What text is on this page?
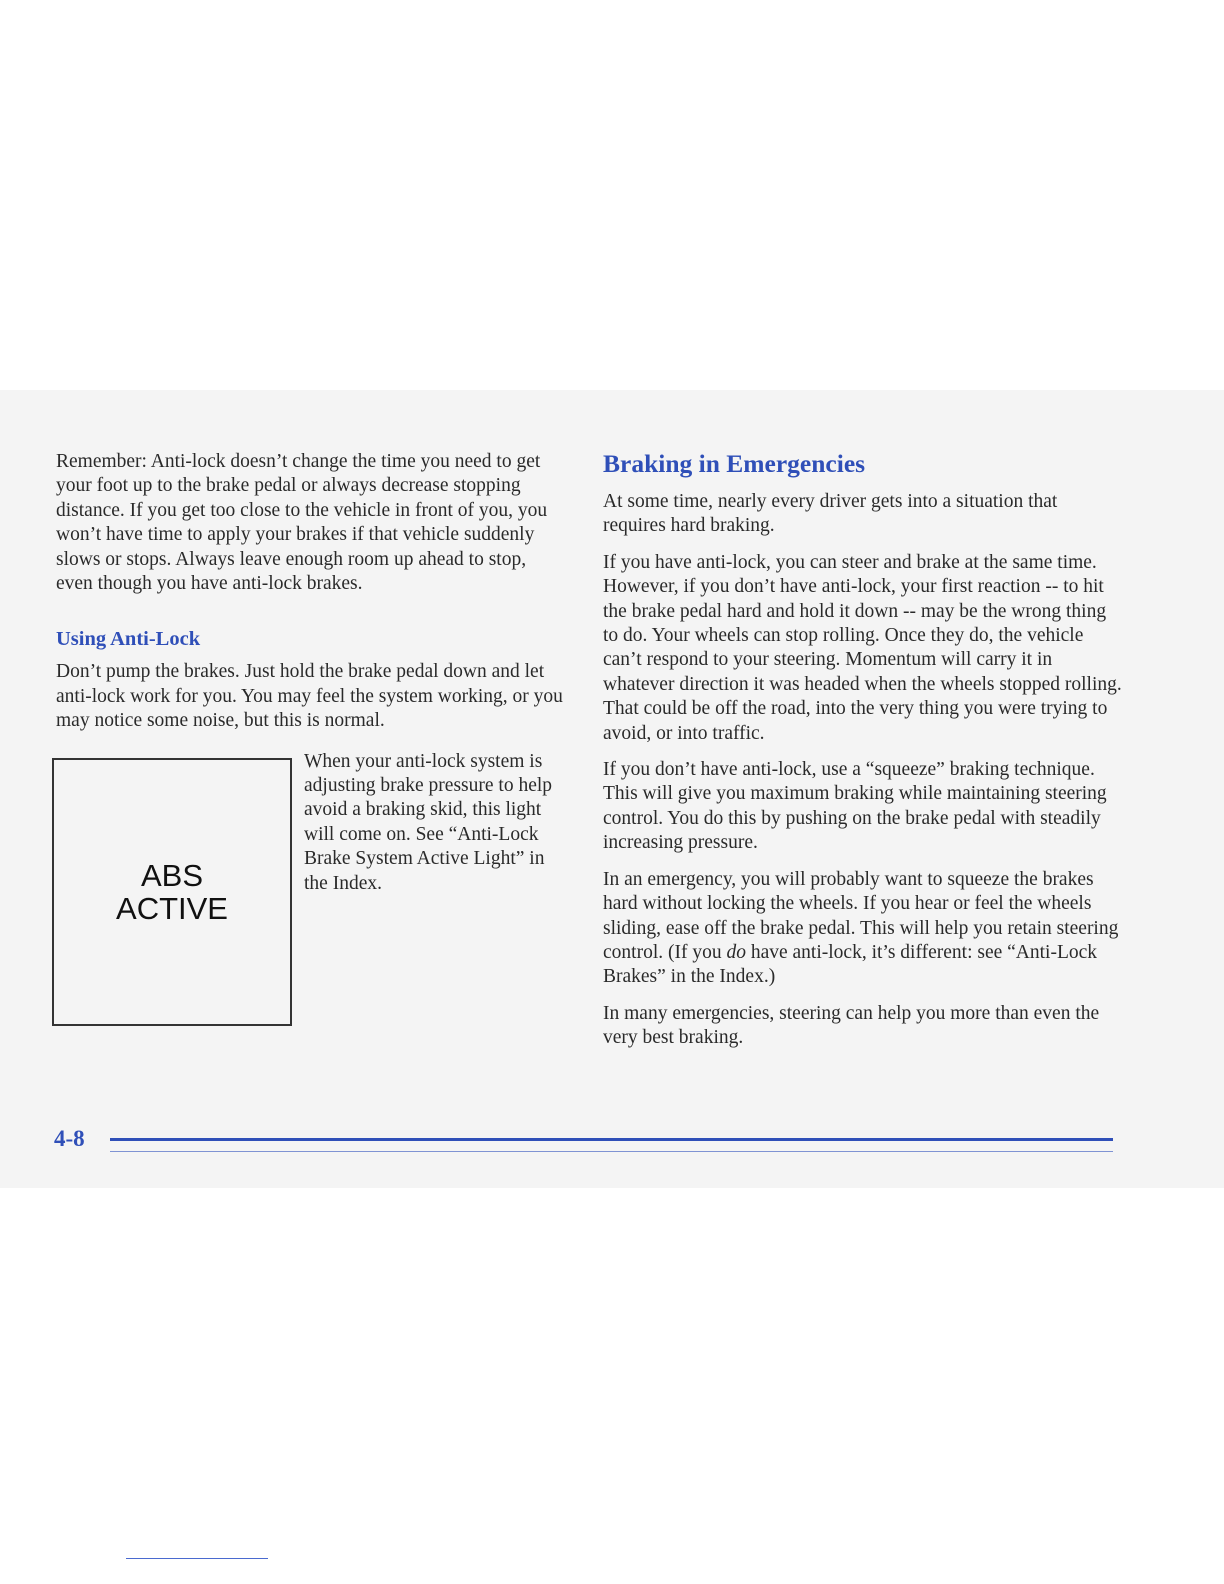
Remember: Anti-lock doesn’t change the time you need to get your foot up to the brake pedal or always decrease stopping distance. If you get too close to the vehicle in front of you, you won’t have time to apply your brakes if that vehicle suddenly slows or stops. Always leave enough room up ahead to stop, even though you have anti-lock brakes.

Using Anti-Lock

Don’t pump the brakes. Just hold the brake pedal down and let anti-lock work for you. You may feel the system working, or you may notice some noise, but this is normal.

ABS
ACTIVE

When your anti-lock system is adjusting brake pressure to help avoid a braking skid, this light will come on. See “Anti-Lock Brake System Active Light” in the Index.

Braking in Emergencies

At some time, nearly every driver gets into a situation that requires hard braking.

If you have anti-lock, you can steer and brake at the same time. However, if you don’t have anti-lock, your first reaction -- to hit the brake pedal hard and hold it down -- may be the wrong thing to do. Your wheels can stop rolling. Once they do, the vehicle can’t respond to your steering. Momentum will carry it in whatever direction it was headed when the wheels stopped rolling. That could be off the road, into the very thing you were trying to avoid, or into traffic.

If you don’t have anti-lock, use a “squeeze” braking technique. This will give you maximum braking while maintaining steering control. You do this by pushing on the brake pedal with steadily increasing pressure.

In an emergency, you will probably want to squeeze the brakes hard without locking the wheels. If you hear or feel the wheels sliding, ease off the brake pedal. This will help you retain steering control. (If you do have anti-lock, it’s different: see “Anti-Lock Brakes” in the Index.)

In many emergencies, steering can help you more than even the very best braking.

4-8
